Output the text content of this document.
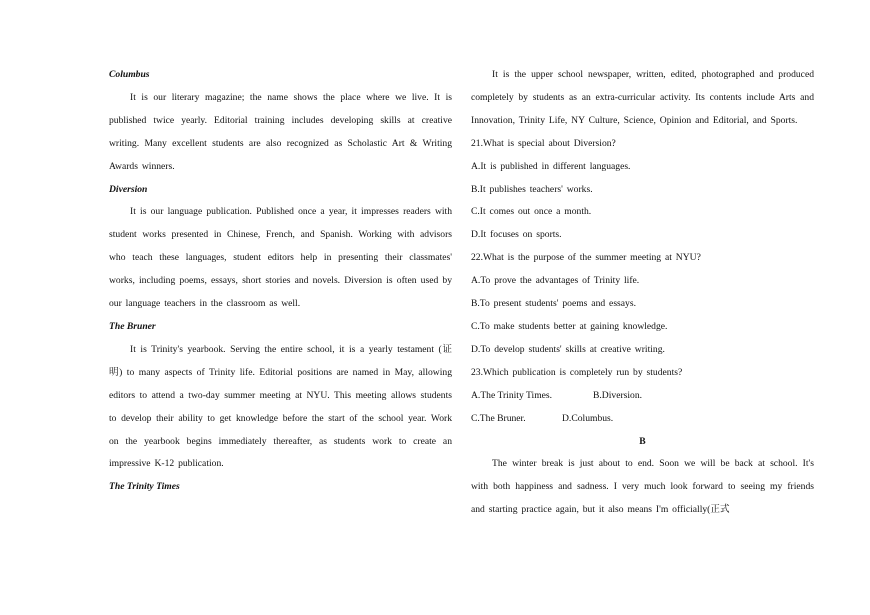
Columbus

It is our literary magazine; the name shows the place where we live. It is published twice yearly. Editorial training includes developing skills at creative writing. Many excellent students are also recognized as Scholastic Art & Writing Awards winners.

Diversion

It is our language publication. Published once a year, it impresses readers with student works presented in Chinese, French, and Spanish. Working with advisors who teach these languages, student editors help in presenting their classmates' works, including poems, essays, short stories and novels. Diversion is often used by our language teachers in the classroom as well.

The Bruner

It is Trinity's yearbook. Serving the entire school, it is a yearly testament (证明) to many aspects of Trinity life. Editorial positions are named in May, allowing editors to attend a two-day summer meeting at NYU. This meeting allows students to develop their ability to get knowledge before the start of the school year. Work on the yearbook begins immediately thereafter, as students work to create an impressive K-12 publication.

The Trinity Times

It is the upper school newspaper, written, edited, photographed and produced completely by students as an extra-curricular activity. Its contents include Arts and Innovation, Trinity Life, NY Culture, Science, Opinion and Editorial, and Sports.

21.What is special about Diversion?

A.It is published in different languages.

B.It publishes teachers' works.

C.It comes out once a month.

D.It focuses on sports.

22.What is the purpose of the summer meeting at NYU?

A.To prove the advantages of Trinity life.

B.To present students' poems and essays.

C.To make students better at gaining knowledge.

D.To develop students' skills at creative writing.

23.Which publication is completely run by students?

A.The Trinity Times.	B.Diversion.

C.The Bruner.	D.Columbus.

B

The winter break is just about to end. Soon we will be back at school. It's with both happiness and sadness. I very much look forward to seeing my friends and starting practice again, but it also means I'm officially(正式
